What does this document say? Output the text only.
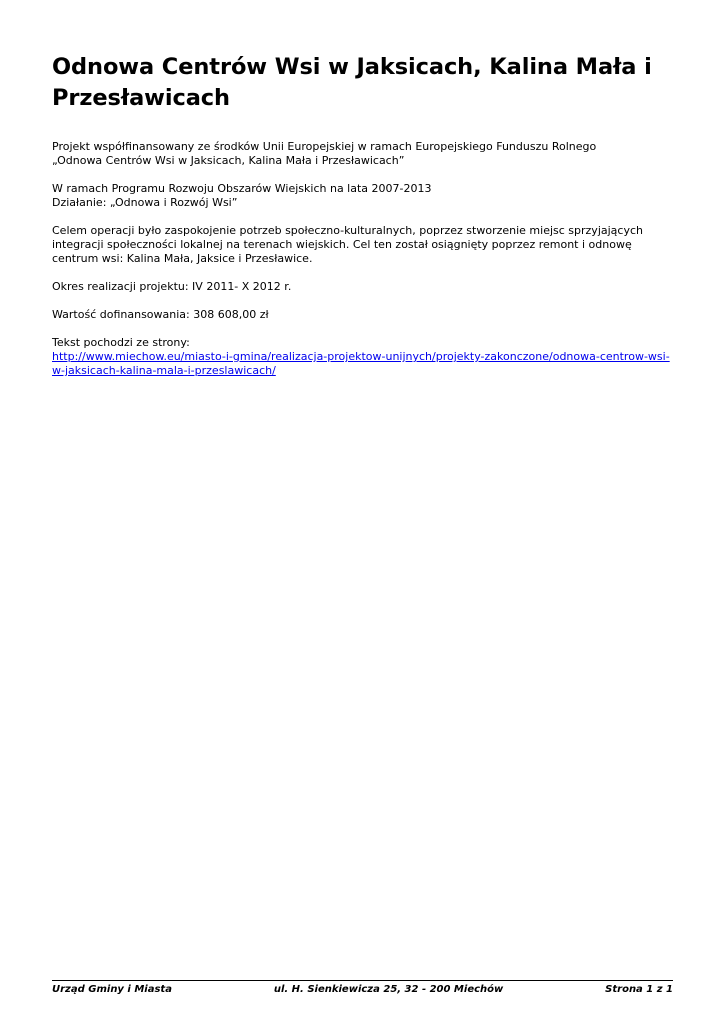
Odnowa Centrów Wsi w Jaksicach, Kalina Mała i Przesławicach

Projekt współfinansowany ze środków Unii Europejskiej w ramach Europejskiego Funduszu Rolnego
„Odnowa Centrów Wsi w Jaksicach, Kalina Mała i Przesławicach”

W ramach Programu Rozwoju Obszarów Wiejskich na lata 2007-2013
Działanie: „Odnowa i Rozwój Wsi”

Celem operacji było zaspokojenie potrzeb społeczno-kulturalnych, poprzez stworzenie miejsc sprzyjających integracji społeczności lokalnej na terenach wiejskich. Cel ten został osiągnięty poprzez remont i odnowę centrum wsi: Kalina Mała, Jaksice i Przesławice.

Okres realizacji projektu: IV 2011- X 2012 r.

Wartość dofinansowania: 308 608,00 zł

Tekst pochodzi ze strony:
http://www.miechow.eu/miasto-i-gmina/realizacja-projektow-unijnych/projekty-zakonczone/odnowa-centrow-wsi-w-jaksicach-kalina-mala-i-przeslawicach/

Urząd Gminy i Miasta	ul. H. Sienkiewicza 25, 32 - 200 Miechów	Strona 1 z 1
